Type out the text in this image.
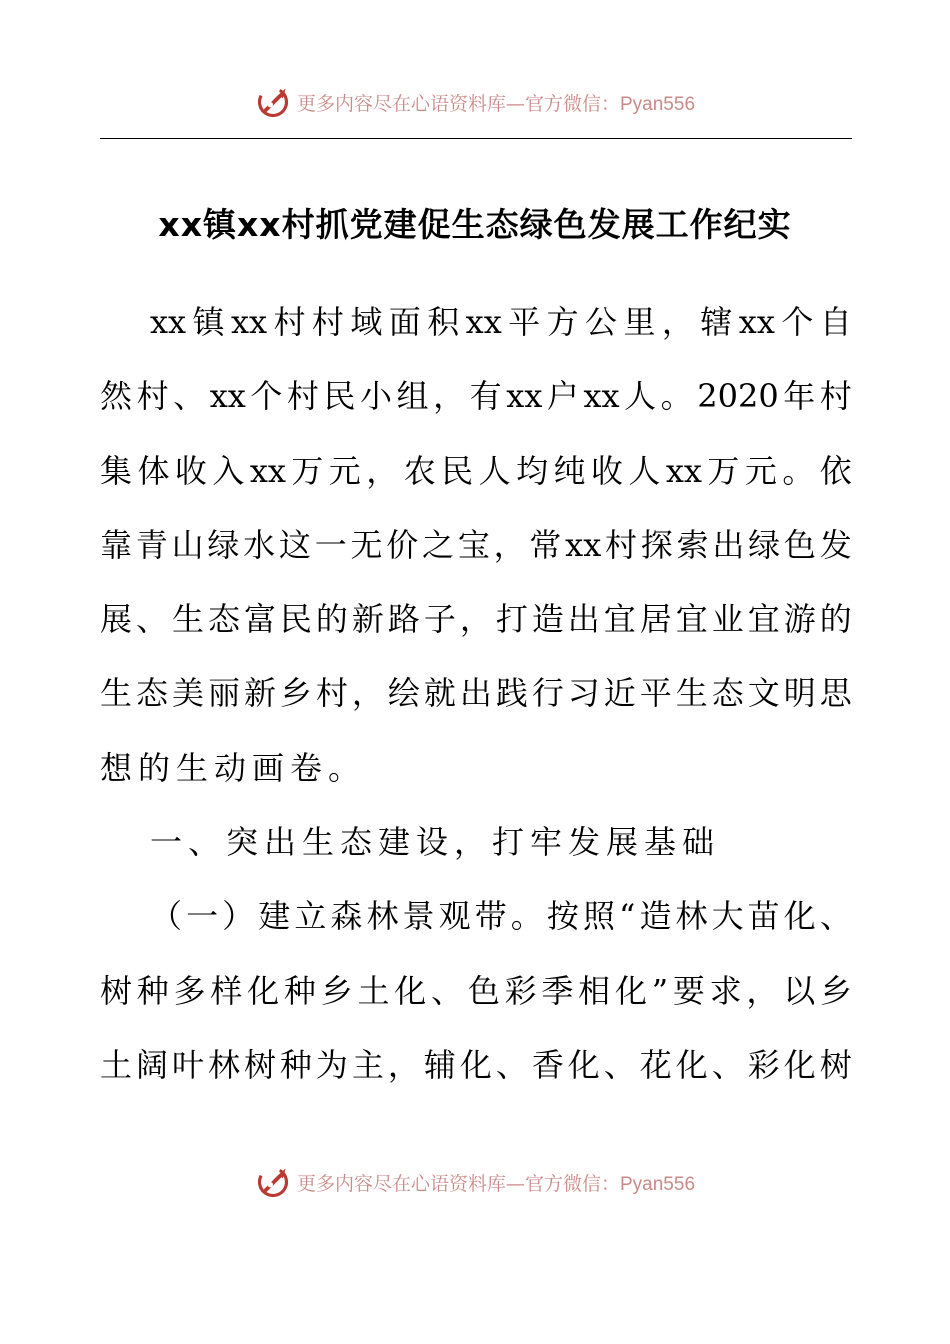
更多内容尽在心语资料库—官方微信：Pyan556
xx镇xx村抓党建促生态绿色发展工作纪实
xx 镇 xx 村 村 域 面 积 xx 平 方 公 里 ， 辖 xx 个 自
然 村 、 xx 个 村 民 小 组 ， 有 xx 户 xx 人 。 2020 年 村
集 体 收 入 xx 万 元 ， 农 民 人 均 纯 收 人 xx 万 元 。 依
靠 青 山 绿 水 这 一 无 价 之 宝 ， 常 xx 村 探 索 出 绿 色 发
展 、 生 态 富 民 的 新 路 子 ， 打 造 出 宜 居 宜 业 宜 游 的
生 态 美 丽 新 乡 村 ， 绘 就 出 践 行 习 近 平 生 态 文 明 思
想的生动画卷。
一、突出生态建设，打牢发展基础
（ 一 ） 建 立 森 林 景 观 带 。 按 照 “ 造 林 大 苗 化 、
树 种 多 样 化 种 乡 土 化 、 色 彩 季 相 化 ” 要 求 ， 以 乡
土 阔 叶 林 树 种 为 主 ， 辅 化 、 香 化 、 花 化 、 彩 化 树
更多内容尽在心语资料库—官方微信：Pyan556
